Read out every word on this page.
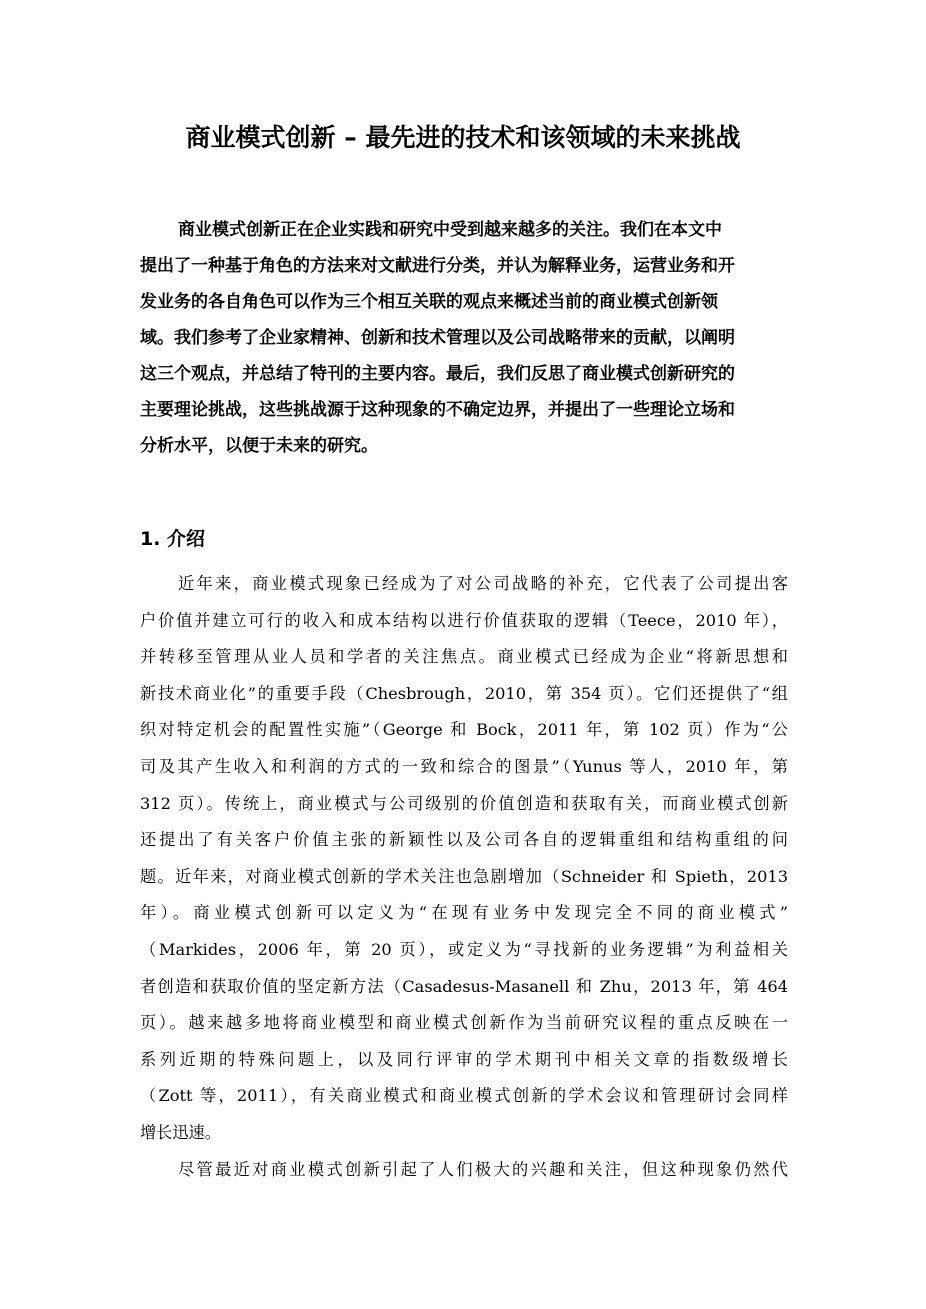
商业模式创新 – 最先进的技术和该领域的未来挑战
商业模式创新正在企业实践和研究中受到越来越多的关注。我们在本文中
提出了一种基于角色的方法来对文献进行分类，并认为解释业务，运营业务和开
发业务的各自角色可以作为三个相互关联的观点来概述当前的商业模式创新领
域。我们参考了企业家精神、创新和技术管理以及公司战略带来的贡献，以阐明
这三个观点，并总结了特刊的主要内容。最后，我们反思了商业模式创新研究的
主要理论挑战，这些挑战源于这种现象的不确定边界，并提出了一些理论立场和
分析水平，以便于未来的研究。
1. 介绍
近年来，商业模式现象已经成为了对公司战略的补充，它代表了公司提出客
户价值并建立可行的收入和成本结构以进行价值获取的逻辑（Teece，2010 年），
并转移至管理从业人员和学者的关注焦点。商业模式已经成为企业“将新思想和
新技术商业化”的重要手段（Chesbrough，2010，第 354 页）。它们还提供了“组
织对特定机会的配置性实施”（George 和 Bock，2011 年，第 102 页）作为“公
司及其产生收入和利润的方式的一致和综合的图景”（Yunus 等人，2010 年，第
312 页）。传统上，商业模式与公司级别的价值创造和获取有关，而商业模式创新
还提出了有关客户价值主张的新颖性以及公司各自的逻辑重组和结构重组的问
题。近年来，对商业模式创新的学术关注也急剧增加（Schneider 和 Spieth，2013
年）。商业模式创新可以定义为“在现有业务中发现完全不同的商业模式”
（Markides，2006 年，第 20 页），或定义为“寻找新的业务逻辑”为利益相关
者创造和获取价值的坚定新方法（Casadesus-Masanell 和 Zhu，2013 年，第 464
页）。越来越多地将商业模型和商业模式创新作为当前研究议程的重点反映在一
系列近期的特殊问题上，以及同行评审的学术期刊中相关文章的指数级增长
（Zott 等，2011），有关商业模式和商业模式创新的学术会议和管理研讨会同样
增长迅速。
尽管最近对商业模式创新引起了人们极大的兴趣和关注，但这种现象仍然代
